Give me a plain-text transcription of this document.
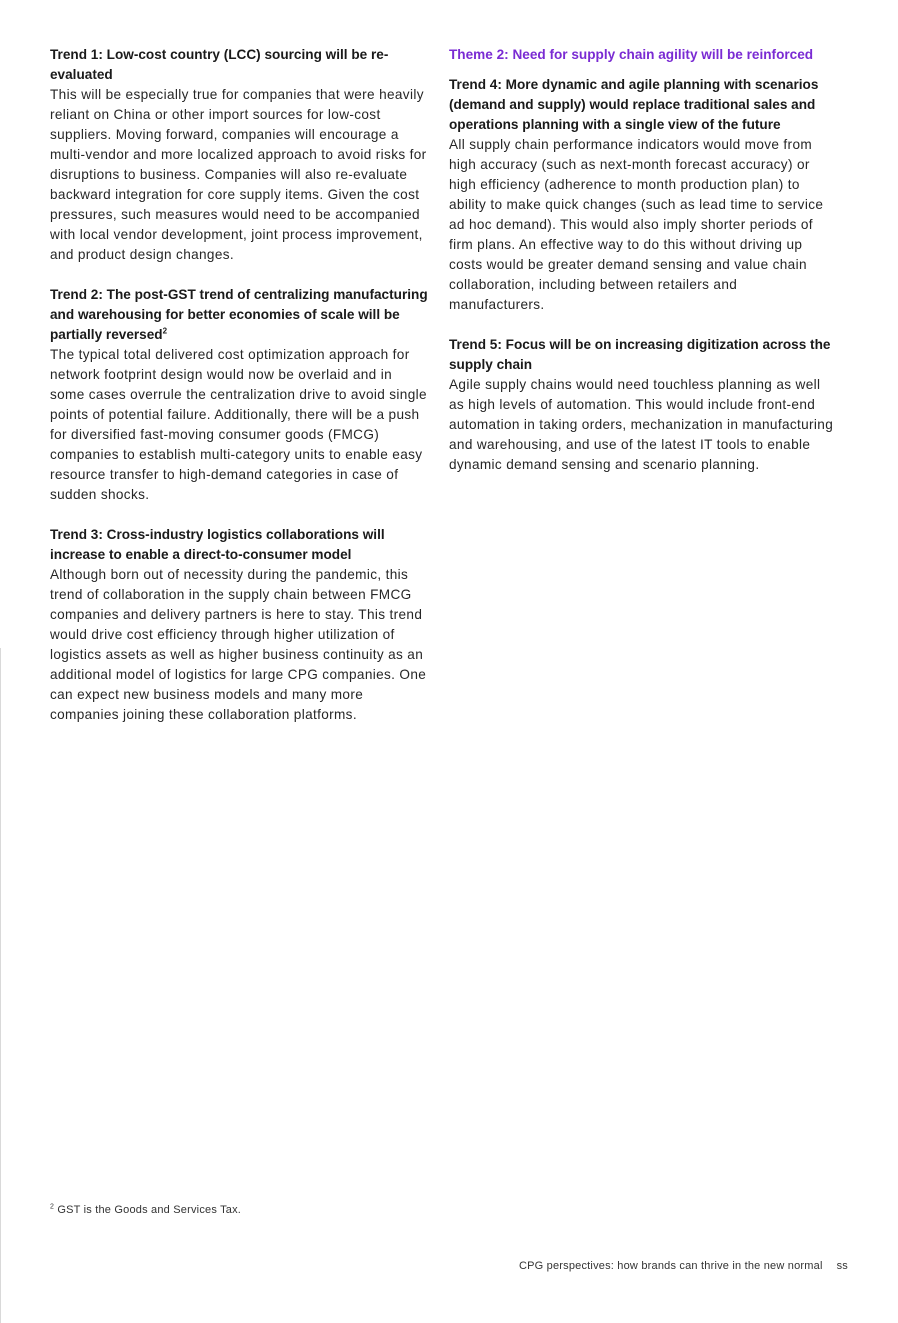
Trend 1: Low-cost country (LCC) sourcing will be re-evaluated

This will be especially true for companies that were heavily reliant on China or other import sources for low-cost suppliers. Moving forward, companies will encourage a multi-vendor and more localized approach to avoid risks for disruptions to business. Companies will also re-evaluate backward integration for core supply items. Given the cost pressures, such measures would need to be accompanied with local vendor development, joint process improvement, and product design changes.

Trend 2: The post-GST trend of centralizing manufacturing and warehousing for better economies of scale will be partially reversed$^2$

The typical total delivered cost optimization approach for network footprint design would now be overlaid and in some cases overrule the centralization drive to avoid single points of potential failure. Additionally, there will be a push for diversified fast-moving consumer goods (FMCG) companies to establish multi-category units to enable easy resource transfer to high-demand categories in case of sudden shocks.

Trend 3: Cross-industry logistics collaborations will increase to enable a direct-to-consumer model

Although born out of necessity during the pandemic, this trend of collaboration in the supply chain between FMCG companies and delivery partners is here to stay. This trend would drive cost efficiency through higher utilization of logistics assets as well as higher business continuity as an additional model of logistics for large CPG companies. One can expect new business models and many more companies joining these collaboration platforms.

Theme 2: Need for supply chain agility will be reinforced

Trend 4: More dynamic and agile planning with scenarios (demand and supply) would replace traditional sales and operations planning with a single view of the future

All supply chain performance indicators would move from high accuracy (such as next-month forecast accuracy) or high efficiency (adherence to month production plan) to ability to make quick changes (such as lead time to service ad hoc demand). This would also imply shorter periods of firm plans. An effective way to do this without driving up costs would be greater demand sensing and value chain collaboration, including between retailers and manufacturers.

Trend 5: Focus will be on increasing digitization across the supply chain

Agile supply chains would need touchless planning as well as high levels of automation. This would include front-end automation in taking orders, mechanization in manufacturing and warehousing, and use of the latest IT tools to enable dynamic demand sensing and scenario planning.

$^2$ GST is the Goods and Services Tax.
CPG perspectives: how brands can thrive in the new normal ss
